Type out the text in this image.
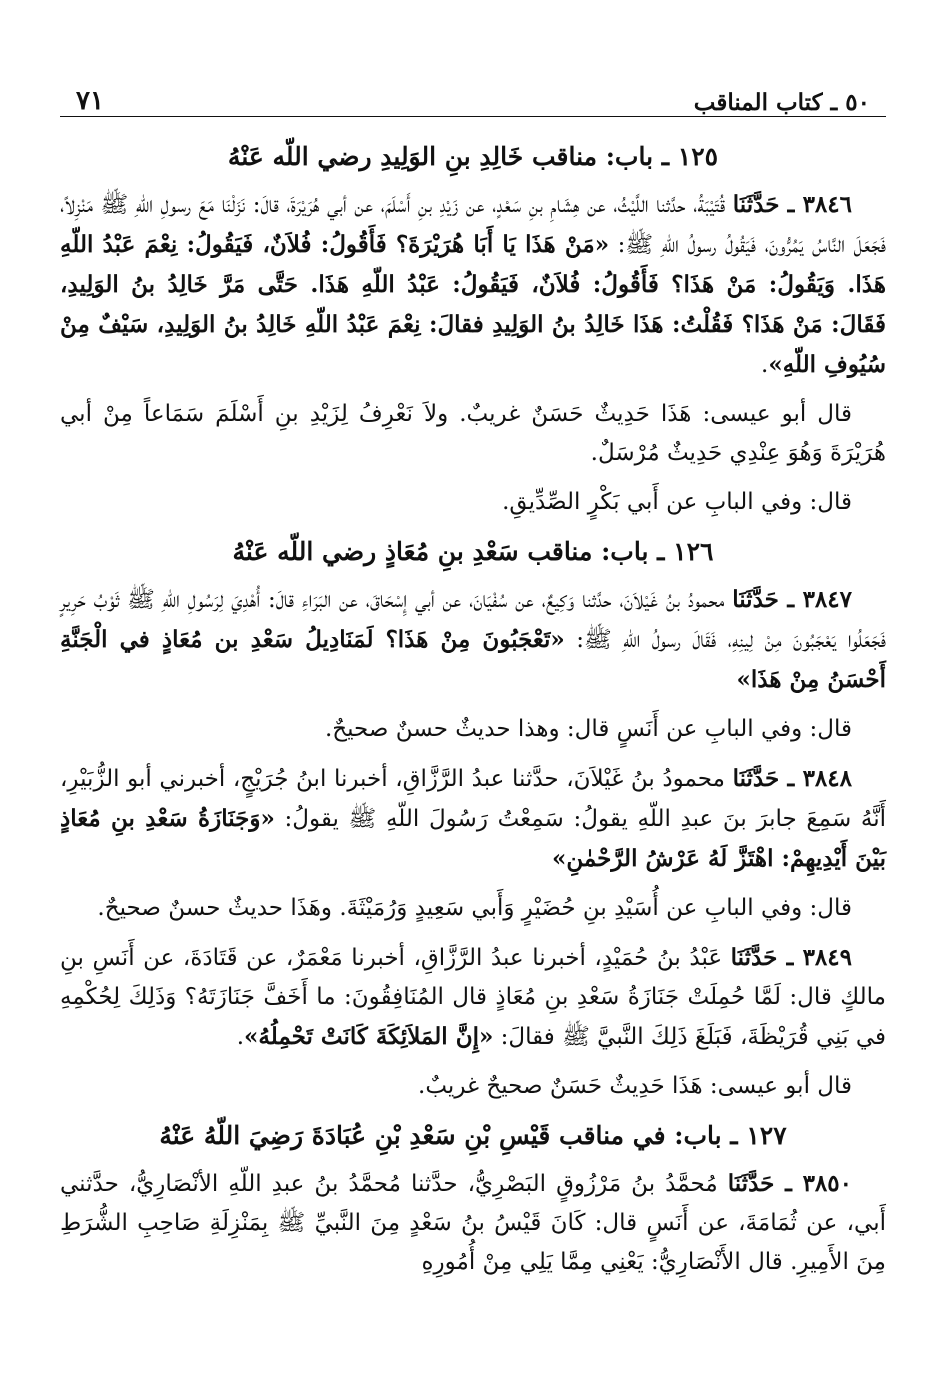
٥٠ ـ كتاب المناقب
٧١
١٢٥ ـ باب: مناقب خَالِدِ بنِ الوَلِيدِ رضي اللّه عَنْهُ

٣٨٤٦ ـ حَدَّثَنَا قُتَيْبَةُ، حدَّثنا اللَّيْثُ، عن هِشَامِ بنِ سَعْدٍ، عن زَيْدِ بنِ أَسْلَمَ، عن أبي هُرَيْرَةَ، قالَ: نَزَلْنَا مَعَ رسولِ اللّهِ ﷺ مَنْزِلاً، فَجَعَلَ النَّاسُ يَمُرُّونَ، فَيَقُولُ رسولُ اللّهِ ﷺ: «مَنْ هَذَا يَا أَبَا هُرَيْرَةَ؟ فَأَقُولُ: فُلاَنٌ، فَيَقُولُ: نِعْمَ عَبْدُ اللّهِ هَذَا. وَيَقُولُ: مَنْ هَذَا؟ فَأَقُولُ: فُلاَنٌ، فَيَقُولُ: عَبْدُ اللّهِ هَذَا. حَتَّى مَرَّ خَالِدُ بنُ الوَلِيدِ، فَقَالَ: مَنْ هَذَا؟ فَقُلْتُ: هَذَا خَالِدُ بنُ الوَلِيدِ فقالَ: نِعْمَ عَبْدُ اللّهِ خَالِدُ بنُ الوَلِيدِ، سَيْفٌ مِنْ سُيُوفِ اللّهِ».

قال أبو عيسى: هَذَا حَدِيثٌ حَسَنٌ غريبٌ. ولاَ نَعْرِفُ لِزَيْدِ بنِ أَسْلَمَ سَمَاعاً مِنْ أبي هُرَيْرَةَ وَهُوَ عِنْدِي حَدِيثٌ مُرْسَلٌ.

قال: وفي البابِ عن أَبي بَكْرٍ الصِّدِّيقِ.

١٢٦ ـ باب: مناقب سَعْدِ بنِ مُعَاذٍ رضي اللّه عَنْهُ

٣٨٤٧ ـ حَدَّثَنَا محمودُ بنُ غَيْلاَنَ، حدَّثنا وَكِيعٌ، عن سُفْيَانَ، عن أبي إِسْحَاقَ، عن البَرَاءِ قالَ: أُهْدِيَ لِرَسُولِ اللّهِ ﷺ ثَوْبُ حَرِيرٍ فَجَعَلُوا يَعْجَبُونَ مِنْ لِينِهِ، فَقَالَ رسولُ اللّهِ ﷺ: «تَعْجَبُونَ مِنْ هَذَا؟ لَمَنَادِيلُ سَعْدِ بن مُعَاذٍ في الْجَنَّةِ أَحْسَنُ مِنْ هَذَا»

قال: وفي البابِ عن أَنَسٍ قال: وهذا حديثٌ حسنٌ صحيحٌ.

٣٨٤٨ ـ حَدَّثَنَا محمودُ بنُ غَيْلاَنَ، حدَّثنا عبدُ الرَّزَّاقِ، أخبرنا ابنُ جُرَيْجٍ، أخبرني أبو الزُّبَيْرِ، أَنَّهُ سَمِعَ جابرَ بنَ عبدِ اللّهِ يقولُ: سَمِعْتُ رَسُولَ اللّهِ ﷺ يقولُ: «وَجَنَازَةُ سَعْدِ بنِ مُعَاذٍ بَيْنَ أَيْدِيهِمْ: اهْتَزَّ لَهُ عَرْشُ الرَّحْمٰنِ»

قال: وفي البابِ عن أُسَيْدِ بنِ حُضَيْرٍ وَأَبي سَعِيدٍ وَرُمَيْثَةَ. وهَذَا حديثٌ حسنٌ صحيحٌ.

٣٨٤٩ ـ حَدَّثَنَا عَبْدُ بنُ حُمَيْدٍ، أخبرنا عبدُ الرَّزَّاقِ، أخبرنا مَعْمَرٌ، عن قَتَادَةَ، عن أَنَسِ بنِ مالكٍ قال: لَمَّا حُمِلَتْ جَنَازَةُ سَعْدِ بنِ مُعَاذٍ قال المُنَافِقُونَ: ما أَخَفَّ جَنَازَتَهُ؟ وَذَلِكَ لِحُكْمِهِ في بَنِي قُرَيْظَةَ، فَبَلَغَ ذَلِكَ النَّبيَّ ﷺ فقالَ: «إِنَّ المَلاَئِكَةَ كَانَتْ تَحْمِلُهُ».

قال أبو عيسى: هَذَا حَدِيثٌ حَسَنٌ صحيحٌ غريبٌ.

١٢٧ ـ باب: في مناقب قَيْسِ بْنِ سَعْدِ بْنِ عُبَادَةَ رَضِيَ اللّهُ عَنْهُ

٣٨٥٠ ـ حَدَّثَنَا مُحمَّدُ بنُ مَرْزُوقٍ البَصْرِيُّ، حدَّثنا مُحمَّدُ بنُ عبدِ اللّهِ الأنْصَارِيُّ، حدَّثني أَبي، عن ثُمَامَةَ، عن أَنَسٍ قال: كَانَ قَيْسُ بنُ سَعْدٍ مِنَ النَّبيِّ ﷺ بِمَنْزِلَةِ صَاحِبِ الشُّرَطِ مِنَ الأَمِيرِ. قال الأَنْصَارِيُّ: يَعْنِي مِمَّا يَلِي مِنْ أُمُورِهِ
